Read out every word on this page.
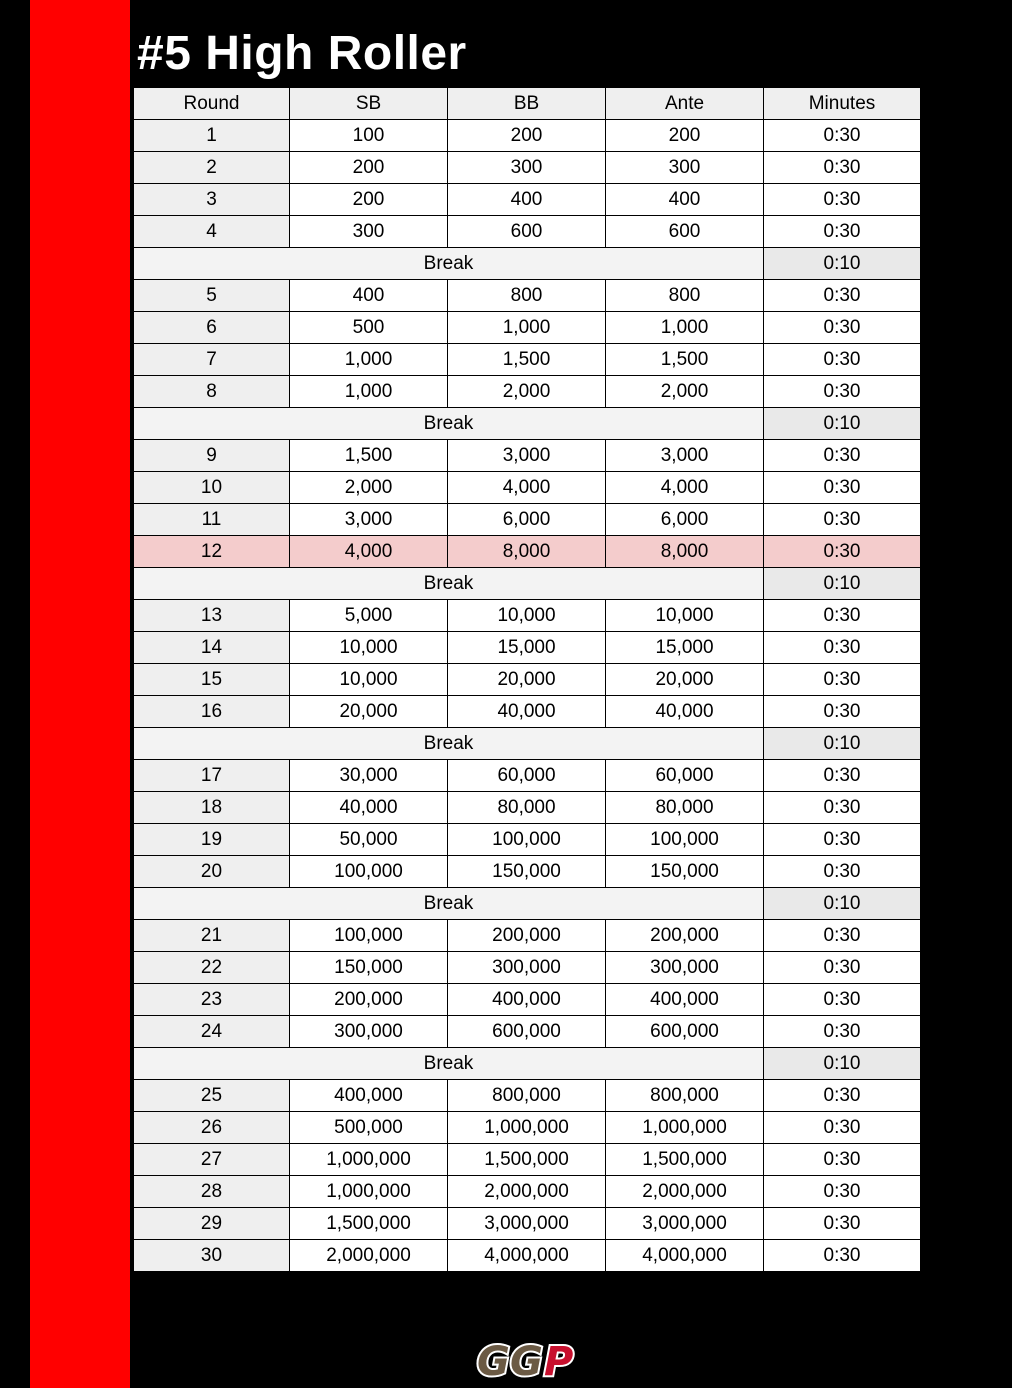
#5 High Roller
Round	SB	BB	Ante	Minutes
1	100	200	200	0:30
2	200	300	300	0:30
3	200	400	400	0:30
4	300	600	600	0:30
Break				0:10
5	400	800	800	0:30
6	500	1,000	1,000	0:30
7	1,000	1,500	1,500	0:30
8	1,000	2,000	2,000	0:30
Break				0:10
9	1,500	3,000	3,000	0:30
10	2,000	4,000	4,000	0:30
11	3,000	6,000	6,000	0:30
12	4,000	8,000	8,000	0:30
Break				0:10
13	5,000	10,000	10,000	0:30
14	10,000	15,000	15,000	0:30
15	10,000	20,000	20,000	0:30
16	20,000	40,000	40,000	0:30
Break				0:10
17	30,000	60,000	60,000	0:30
18	40,000	80,000	80,000	0:30
19	50,000	100,000	100,000	0:30
20	100,000	150,000	150,000	0:30
Break				0:10
21	100,000	200,000	200,000	0:30
22	150,000	300,000	300,000	0:30
23	200,000	400,000	400,000	0:30
24	300,000	600,000	600,000	0:30
Break				0:10
25	400,000	800,000	800,000	0:30
26	500,000	1,000,000	1,000,000	0:30
27	1,000,000	1,500,000	1,500,000	0:30
28	1,000,000	2,000,000	2,000,000	0:30
29	1,500,000	3,000,000	3,000,000	0:30
30	2,000,000	4,000,000	4,000,000	0:30
G G P
